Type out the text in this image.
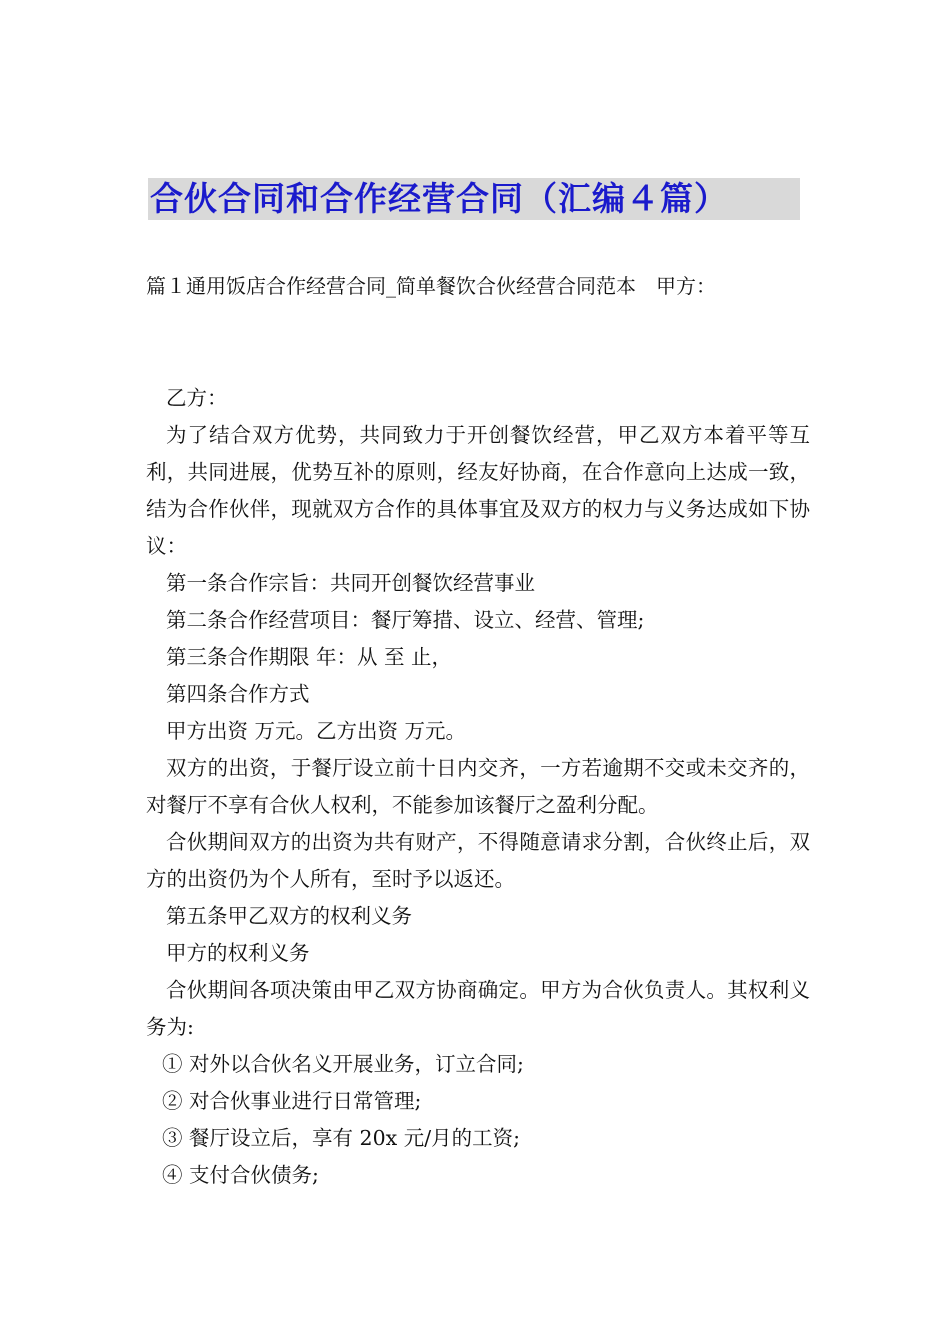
合伙合同和合作经营合同（汇编４篇）
篇１通用饭店合作经营合同_简单餐饮合伙经营合同范本　甲方：

乙方：

为了结合双方优势，共同致力于开创餐饮经营，甲乙双方本着平等互利，共同进展，优势互补的原则，经友好协商，在合作意向上达成一致，结为合作伙伴，现就双方合作的具体事宜及双方的权力与义务达成如下协议：

第一条合作宗旨：共同开创餐饮经营事业

第二条合作经营项目：餐厅筹措、设立、经营、管理;

第三条合作期限 年：从 至 止，

第四条合作方式

甲方出资 万元。乙方出资 万元。

双方的出资，于餐厅设立前十日内交齐，一方若逾期不交或未交齐的，对餐厅不享有合伙人权利，不能参加该餐厅之盈利分配。

合伙期间双方的出资为共有财产，不得随意请求分割，合伙终止后，双方的出资仍为个人所有，至时予以返还。

第五条甲乙双方的权利义务

甲方的权利义务

合伙期间各项决策由甲乙双方协商确定。甲方为合伙负责人。其权利义务为:

① 对外以合伙名义开展业务，订立合同;

② 对合伙事业进行日常管理;

③ 餐厅设立后，享有 20x 元/月的工资;

④ 支付合伙债务;
